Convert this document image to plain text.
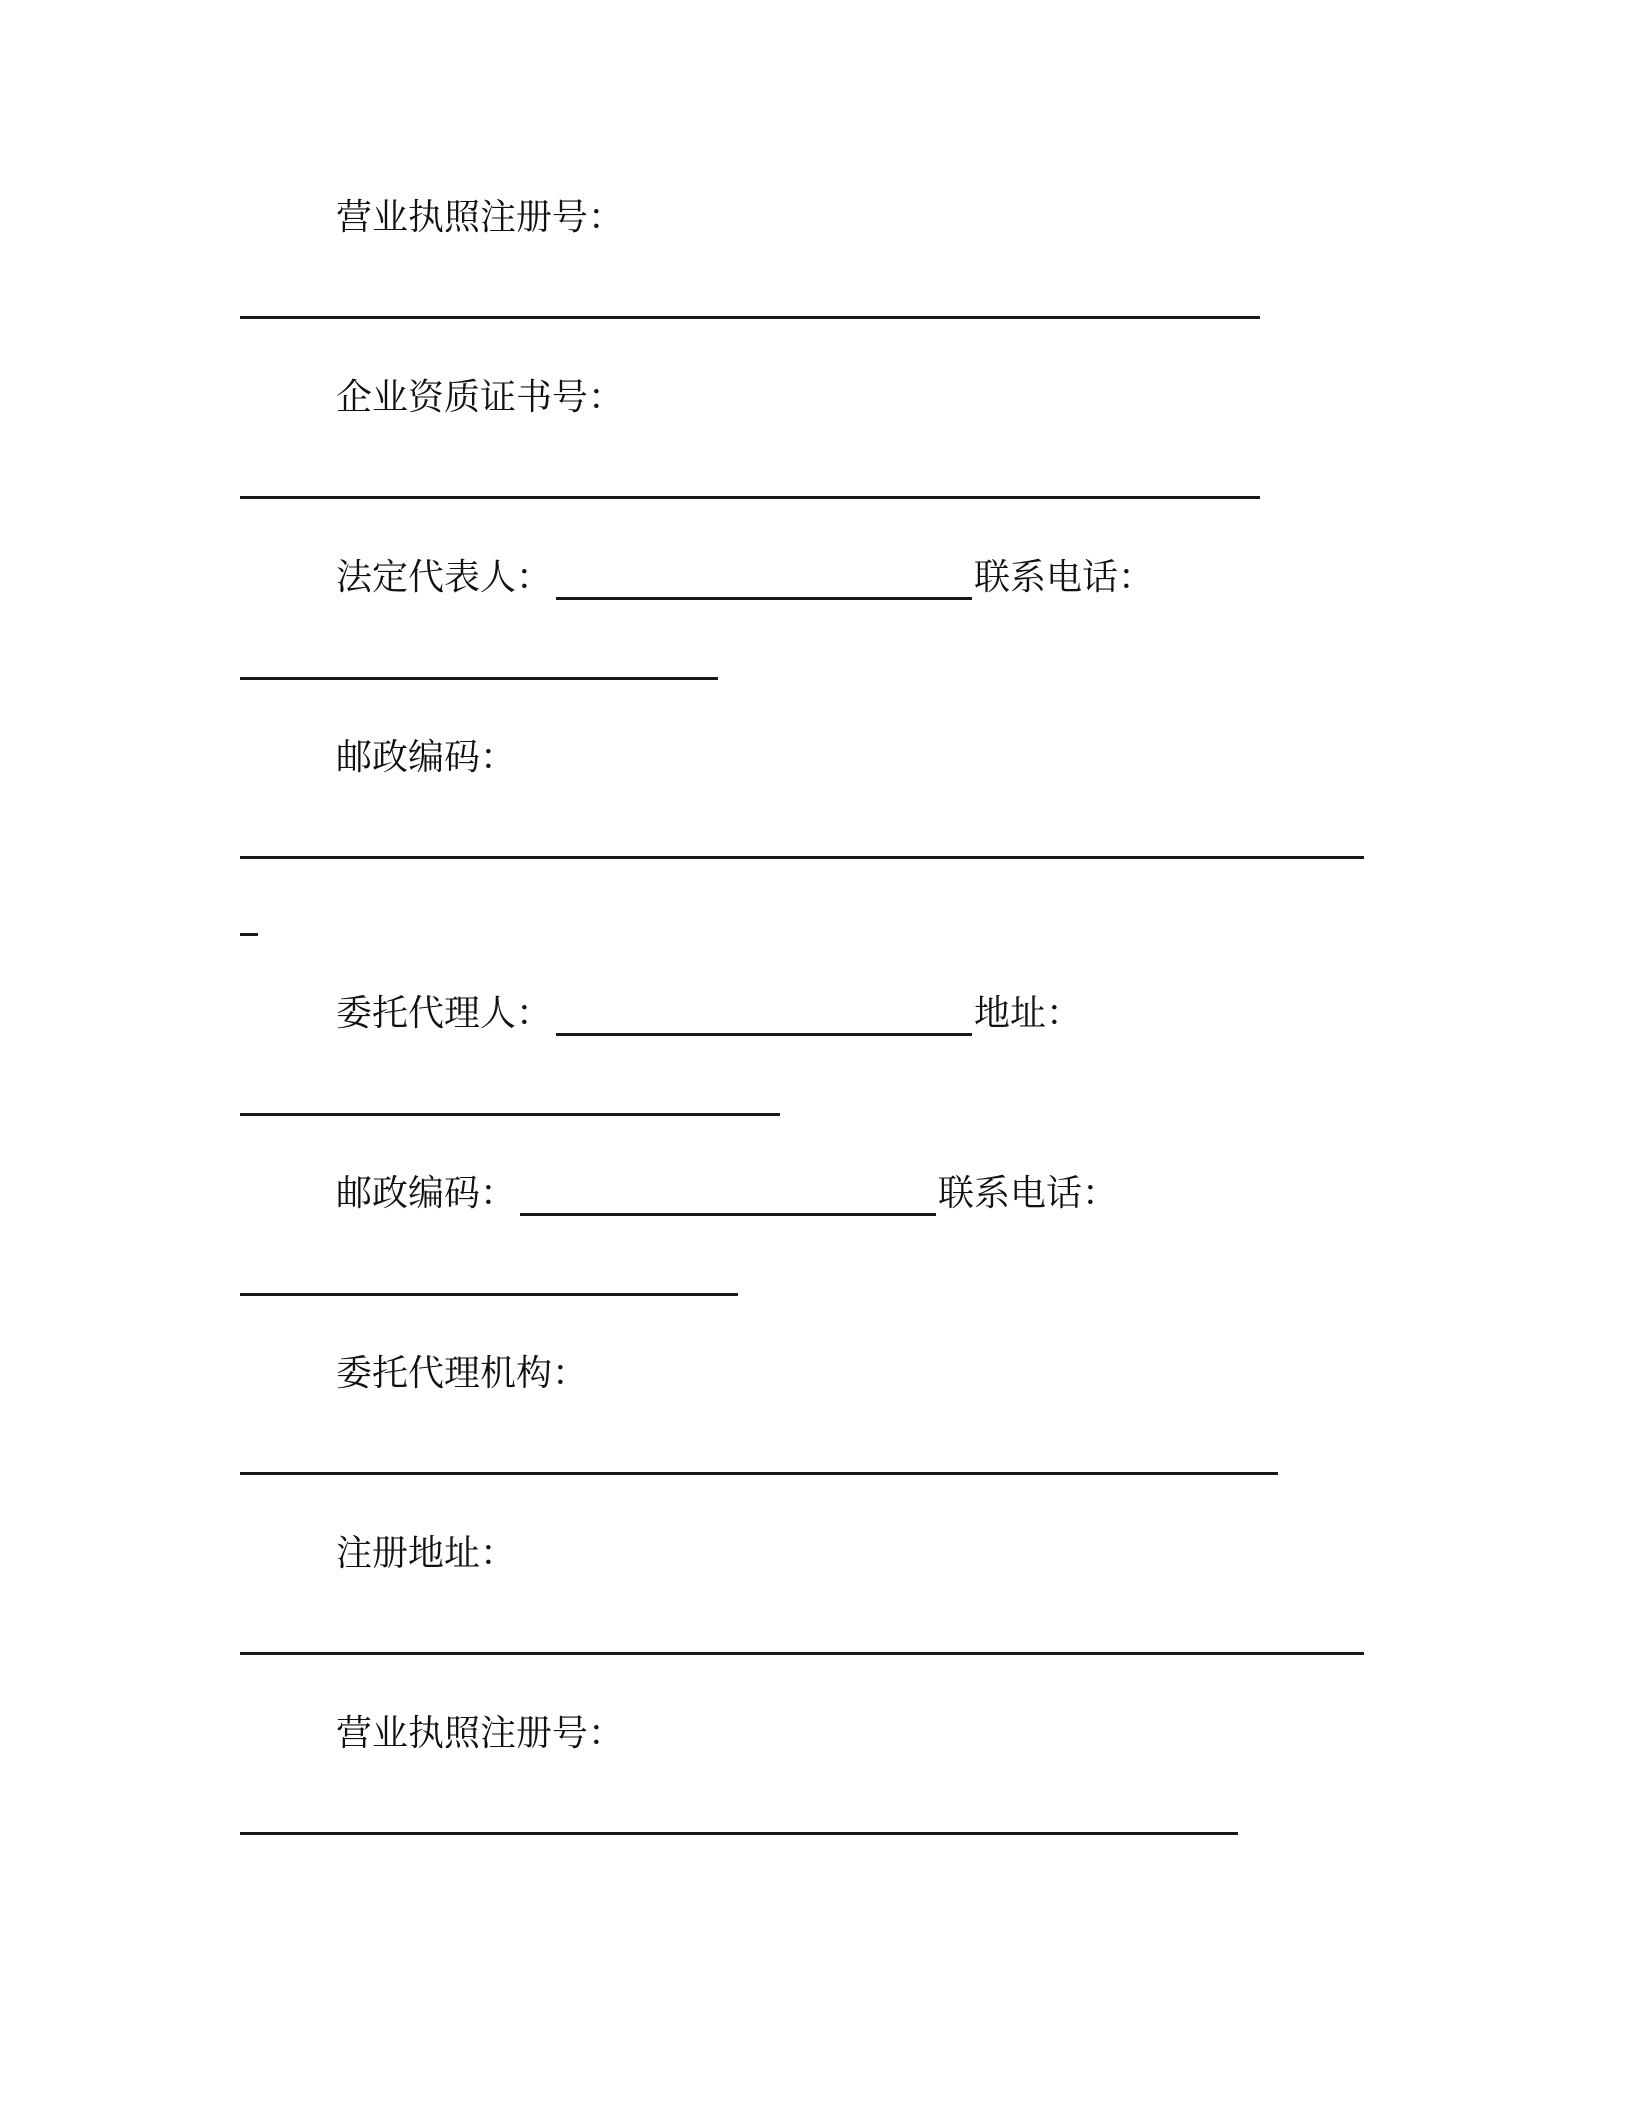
营业执照注册号：
企业资质证书号：
法定代表人：	联系电话：
邮政编码：
委托代理人：	地址：
邮政编码：	联系电话：
委托代理机构：
注册地址：
营业执照注册号：
